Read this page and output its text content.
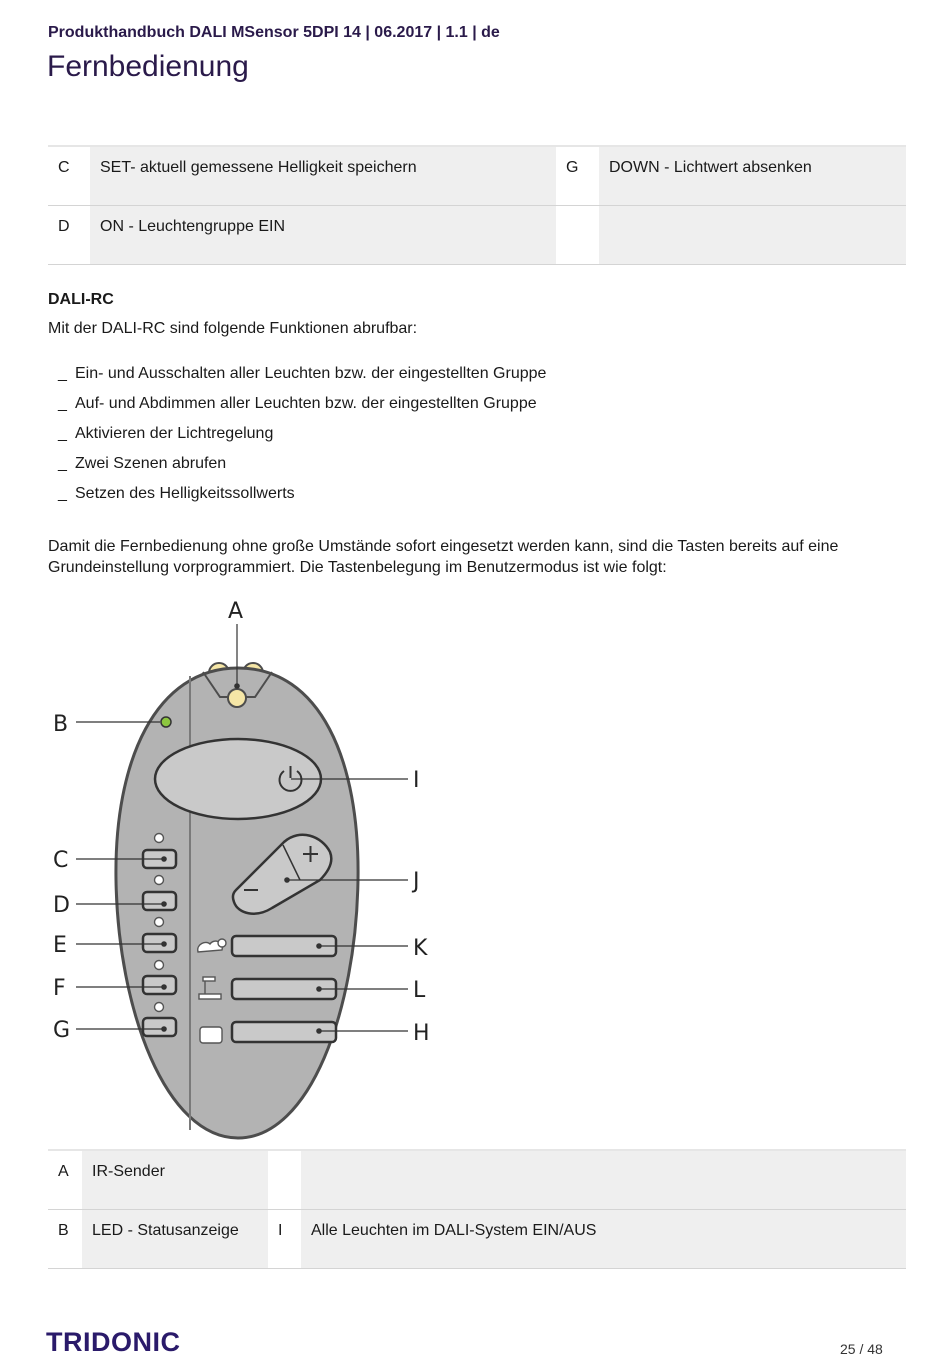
Produkthandbuch DALI MSensor 5DPI 14 | 06.2017 | 1.1 | de
Fernbedienung
C	SET- aktuell gemessene Helligkeit speichern	G	DOWN - Lichtwert absenken
D	ON - Leuchtengruppe EIN		
DALI-RC
Mit der DALI-RC sind folgende Funktionen abrufbar:
_ Ein- und Ausschalten aller Leuchten bzw. der eingestellten Gruppe
_ Auf- und Abdimmen aller Leuchten bzw. der eingestellten Gruppe
_ Aktivieren der Lichtregelung
_ Zwei Szenen abrufen
_ Setzen des Helligkeitssollwerts
Damit die Fernbedienung ohne große Umstände sofort eingesetzt werden kann, sind die Tasten bereits auf eine Grundeinstellung vorprogrammiert. Die Tastenbelegung im Benutzermodus ist wie folgt:
A
B
I
C
J
D
E	K
F	L
G	H
A	IR-Sender		
B	LED - Statusanzeige	I	Alle Leuchten im DALI-System EIN/AUS
TRIDONIC	25 / 48
